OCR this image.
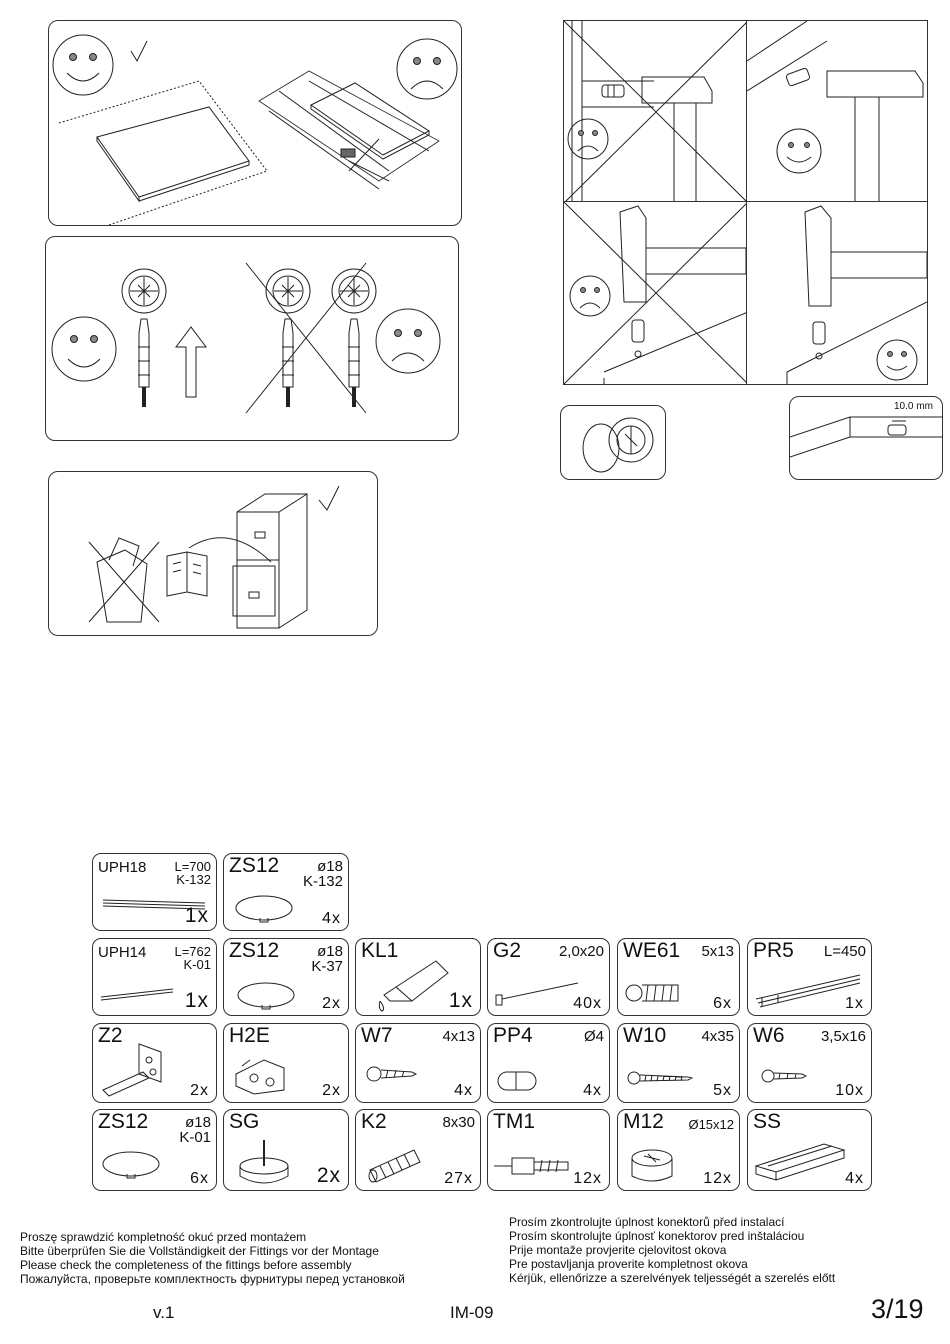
10.0 mm
UPH18 L=700
K-132
1x
ZS12	ø18
K-132
4x
UPH14 L=762
K-01
1x
ZS12	ø18
K-37
2x
KL1
1x
G2	2,0x20
40x
WE61 5x13
6x
PR5 L=450
1x
Z2
2x
H2E
2x
W7	4x13
4x
PP4	Ø4
4x
W10 4x35
5x
W6 3,5x16
10x
ZS12 ø18
K-01
6x
SG
2x
K2	8x30
27x
TM1
12x
M12 Ø15x12
12x
SS
4x
Proszę sprawdzić kompletność okuć przed montażem
Bitte überprüfen Sie die Vollständigkeit der Fittings vor der Montage
Please check the completeness of the fittings before assembly
Пожалуйста, проверьте комплектность фурнитуры перед установкой
Prosím zkontrolujte úplnost konektorů před instalací
Prosím skontrolujte úplnosť konektorov pred inštaláciou
Prije montaže provjerite cjelovitost okova
Pre postavljanja proverite kompletnost okova
Kérjük, ellenőrizze a szerelvények teljességét a szerelés előtt
v.1	IM-09	3/19
